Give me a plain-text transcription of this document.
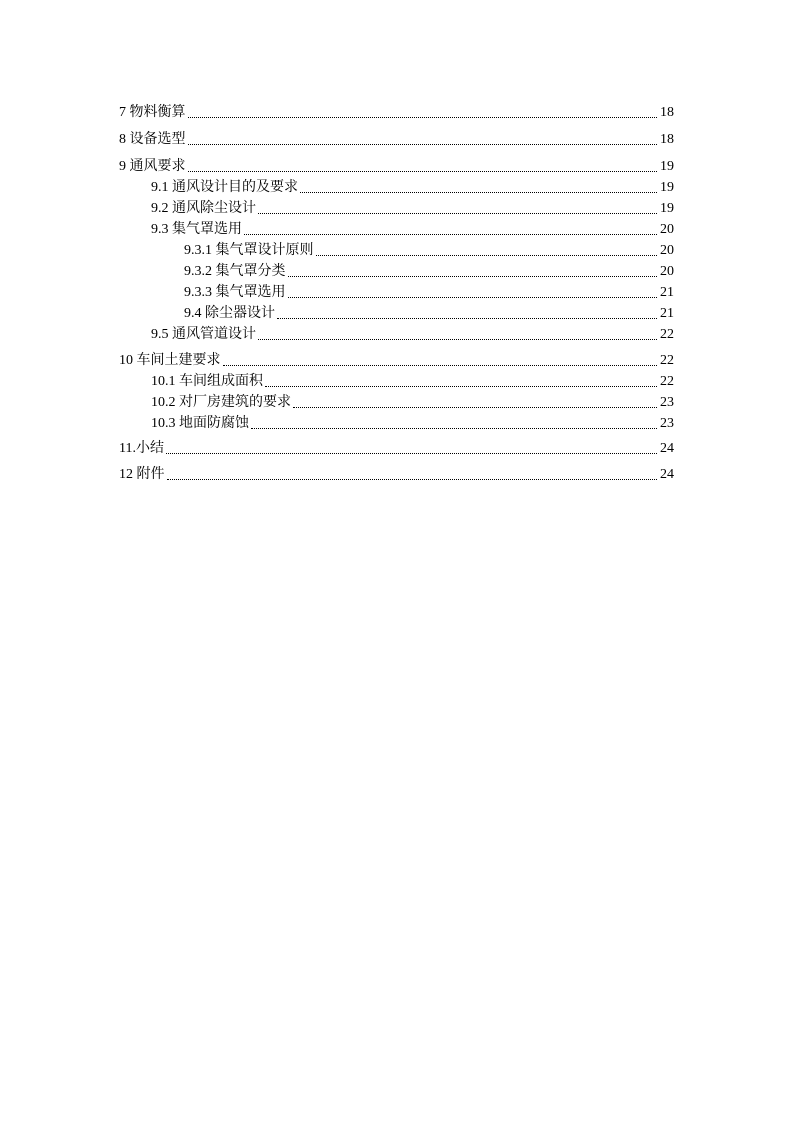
7 物料衡算	18
8 设备选型	18
9 通风要求	19
9.1 通风设计目的及要求	19
9.2 通风除尘设计	19
9.3 集气罩选用	20
9.3.1 集气罩设计原则	20
9.3.2 集气罩分类	20
9.3.3 集气罩选用	21
9.4 除尘器设计	21
9.5 通风管道设计	22
10 车间土建要求	22
10.1 车间组成面积	22
10.2 对厂房建筑的要求	23
10.3 地面防腐蚀	23
11.小结	24
12 附件	24
